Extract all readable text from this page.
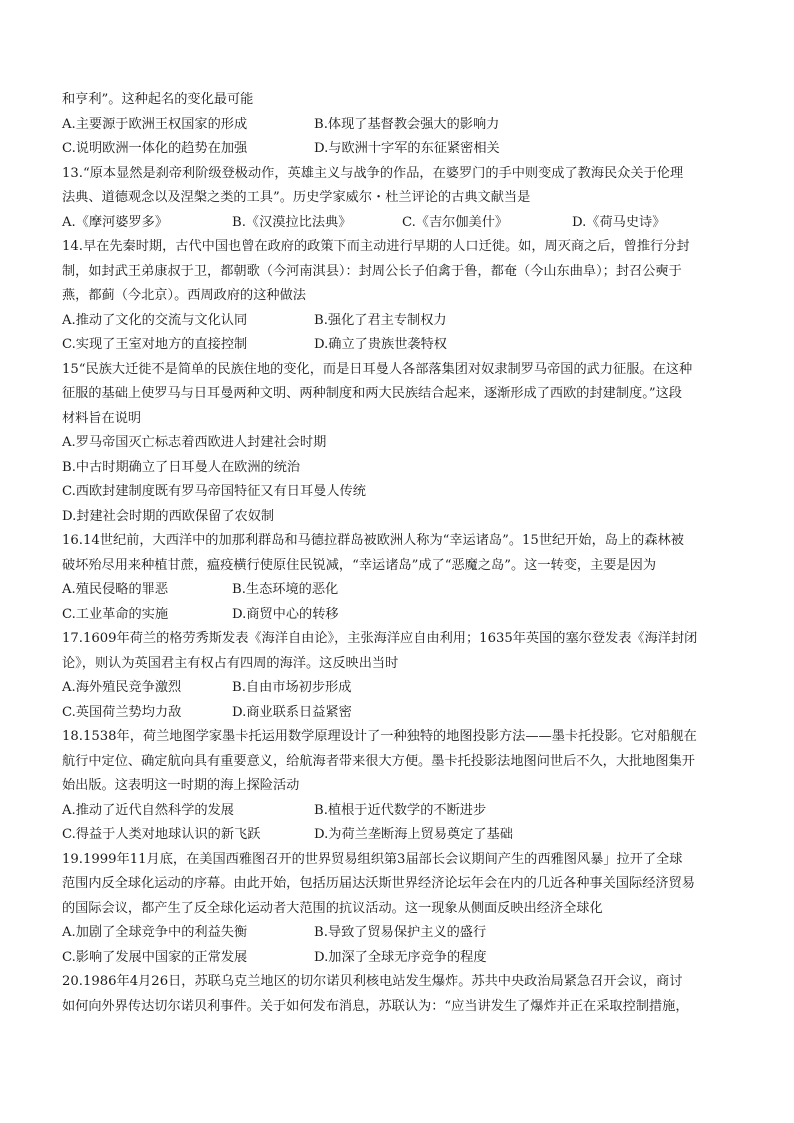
和亨利”。这种起名的变化最可能
A.主要源于欧洲王权国家的形成	B.体现了基督教会强大的影响力
C.说明欧洲一体化的趋势在加强	D.与欧洲十字军的东征紧密相关
13.“原本显然是刹帝利阶级登极动作，英雄主义与战争的作品，在婆罗门的手中则变成了教海民众关于伦理
法典、道德观念以及涅槃之类的工具”。历史学家威尔・杜兰评论的古典文献当是
A.《摩河婆罗多》	B.《汉漠拉比法典》	C.《吉尔伽美什》	D.《荷马史诗》
14.早在先秦时期，古代中国也曾在政府的政策下而主动进行早期的人口迁徙。如，周灭商之后，曾推行分封
制，如封武王弟康叔于卫，都朝歌（今河南淇县）：封周公长子伯禽于鲁，都奄（今山东曲阜）；封召公奭于
燕，都蓟（今北京）。西周政府的这种做法
A.推动了文化的交流与文化认同	B.强化了君主专制权力
C.实现了王室对地方的直接控制	D.确立了贵族世袭特权
15“民族大迁徙不是简单的民族住地的变化，而是日耳曼人各部落集团对奴隶制罗马帝国的武力征服。在这种
征服的基础上使罗马与日耳曼两种文明、两种制度和两大民族结合起来，逐渐形成了西欧的封建制度。”这段
材料旨在说明
A.罗马帝国灭亡标志着西欧进人封建社会时期
B.中古时期确立了日耳曼人在欧洲的统治
C.西欧封建制度既有罗马帝国特征又有日耳曼人传统
D.封建社会时期的西欧保留了农奴制
16.14世纪前，大西洋中的加那利群岛和马德拉群岛被欧洲人称为“幸运诸岛”。15世纪开始，岛上的森林被
破坏殆尽用来种植甘蔗，瘟疫横行使原住民锐减，“幸运诸岛”成了“恶魔之岛”。这一转变，主要是因为
A.殖民侵略的罪恶	B.生态环境的恶化
C.工业革命的实施	D.商贸中心的转移
17.1609年荷兰的格劳秀斯发表《海洋自由论》，主张海洋应自由利用；1635年英国的塞尔登发表《海洋封闭
论》，则认为英国君主有权占有四周的海洋。这反映出当时
A.海外殖民竞争激烈	B.自由市场初步形成
C.英国荷兰势均力敌	D.商业联系日益紧密
18.1538年，荷兰地图学家墨卡托运用数学原理设计了一种独特的地图投影方法——墨卡托投影。它对船舰在
航行中定位、确定航向具有重要意义，给航海者带来很大方便。墨卡托投影法地图问世后不久，大批地图集开
始出版。这表明这一时期的海上探险活动
A.推动了近代自然科学的发展	B.植根于近代数学的不断进步
C.得益于人类对地球认识的新飞跃	D.为荷兰垄断海上贸易奠定了基础
19.1999年11月底，在美国西雅图召开的世界贸易组织第3届部长会议期间产生的西雅图风暴」拉开了全球
范围内反全球化运动的序幕。由此开始，包括历届达沃斯世界经济论坛年会在内的几近各种事关国际经济贸易
的国际会议，都产生了反全球化运动者大范围的抗议活动。这一现象从侧面反映出经济全球化
A.加剧了全球竞争中的利益失衡	B.导致了贸易保护主义的盛行
C.影响了发展中国家的正常发展	D.加深了全球无序竞争的程度
20.1986年4月26日，苏联乌克兰地区的切尔诺贝利核电站发生爆炸。苏共中央政治局紧急召开会议，商讨
如何向外界传达切尔诺贝利事件。关于如何发布消息，苏联认为：“应当讲发生了爆炸并正在采取控制措施，
